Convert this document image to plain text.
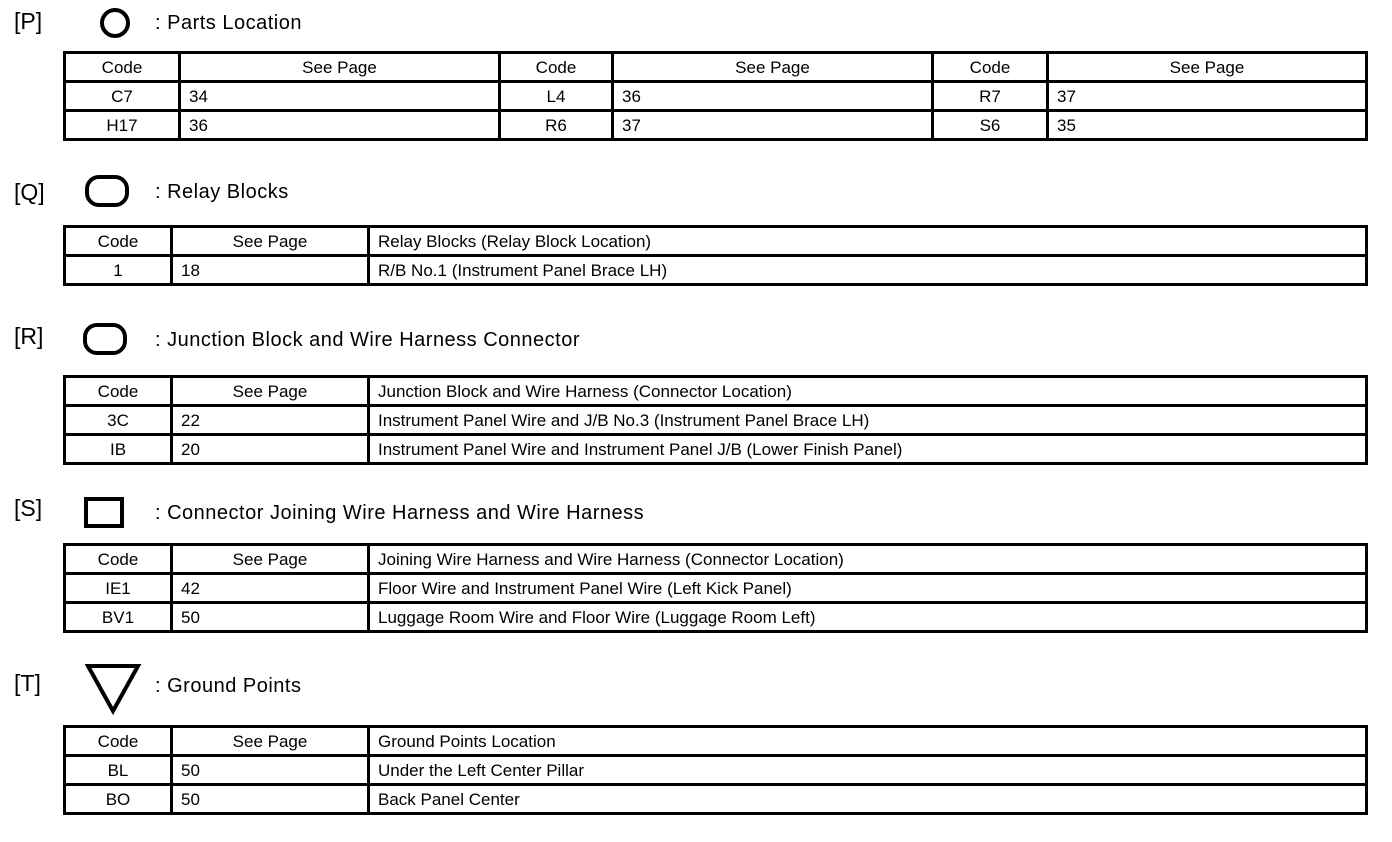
[P]	: Parts Location
Code	See Page	Code	See Page	Code	See Page
C7	34	L4	36	R7	37
H17	36	R6	37	S6	35
[Q]	: Relay Blocks
Code	See Page	Relay Blocks (Relay Block Location)
1	18	R/B No.1 (Instrument Panel Brace LH)
[R]	: Junction Block and Wire Harness Connector
Code	See Page	Junction Block and Wire Harness (Connector Location)
3C	22	Instrument Panel Wire and J/B No.3 (Instrument Panel Brace LH)
IB	20	Instrument Panel Wire and Instrument Panel J/B (Lower Finish Panel)
[S]	: Connector Joining Wire Harness and Wire Harness
Code	See Page	Joining Wire Harness and Wire Harness (Connector Location)
IE1	42	Floor Wire and Instrument Panel Wire (Left Kick Panel)
BV1	50	Luggage Room Wire and Floor Wire (Luggage Room Left)
[T]	: Ground Points
Code	See Page	Ground Points Location
BL	50	Under the Left Center Pillar
BO	50	Back Panel Center
